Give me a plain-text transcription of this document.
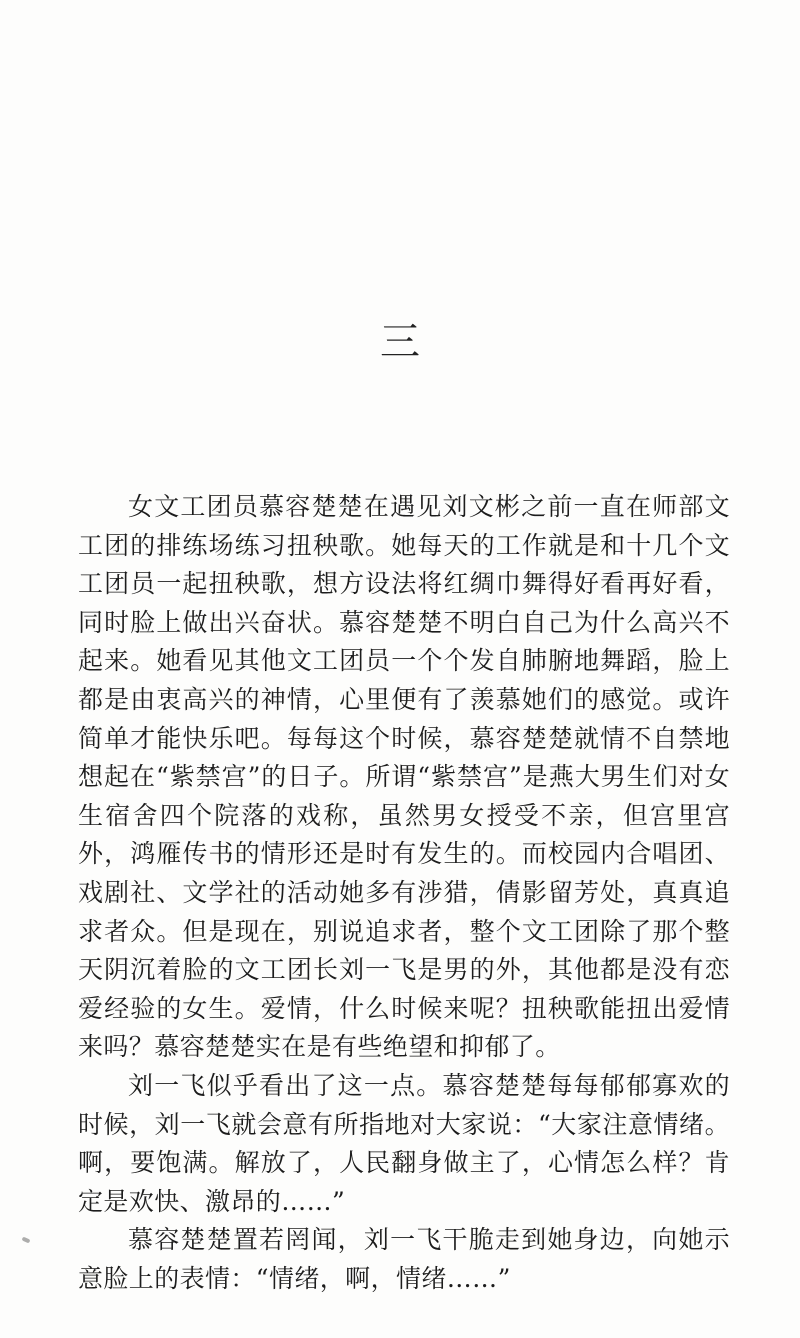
三

女文工团员慕容楚楚在遇见刘文彬之前一直在师部文工团的排练场练习扭秧歌。她每天的工作就是和十几个文工团员一起扭秧歌，想方设法将红绸巾舞得好看再好看，同时脸上做出兴奋状。慕容楚楚不明白自己为什么高兴不起来。她看见其他文工团员一个个发自肺腑地舞蹈，脸上都是由衷高兴的神情，心里便有了羡慕她们的感觉。或许简单才能快乐吧。每每这个时候，慕容楚楚就情不自禁地想起在“紫禁宫”的日子。所谓“紫禁宫”是燕大男生们对女生宿舍四个院落的戏称，虽然男女授受不亲，但宫里宫外，鸿雁传书的情形还是时有发生的。而校园内合唱团、戏剧社、文学社的活动她多有涉猎，倩影留芳处，真真追求者众。但是现在，别说追求者，整个文工团除了那个整天阴沉着脸的文工团长刘一飞是男的外，其他都是没有恋爱经验的女生。爱情，什么时候来呢？扭秧歌能扭出爱情来吗？慕容楚楚实在是有些绝望和抑郁了。

刘一飞似乎看出了这一点。慕容楚楚每每郁郁寡欢的时候，刘一飞就会意有所指地对大家说：“大家注意情绪。啊，要饱满。解放了，人民翻身做主了，心情怎么样？肯定是欢快、激昂的……”

慕容楚楚置若罔闻，刘一飞干脆走到她身边，向她示意脸上的表情：“情绪，啊，情绪……”
